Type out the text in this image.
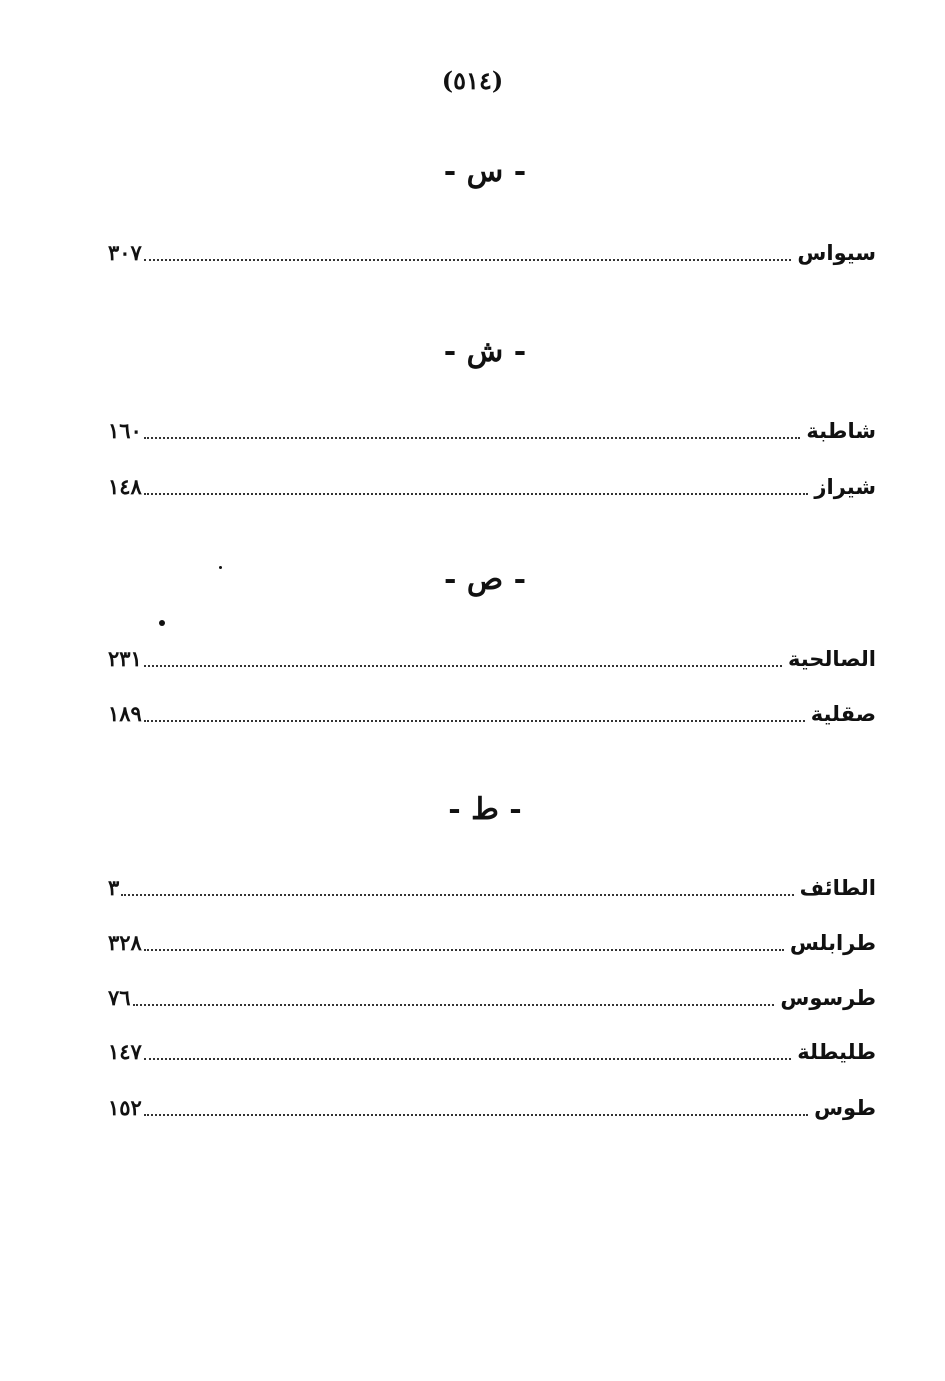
(٥١٤)
- س -
سيواس
٣٠٧
- ش -
شاطبة
١٦٠
شيراز
١٤٨
- ص -
الصالحية
٢٣١
صقلية
١٨٩
- ط -
الطائف
٣
طرابلس
٣٢٨
طرسوس
٧٦
طليطلة
١٤٧
طوس
١٥٢
